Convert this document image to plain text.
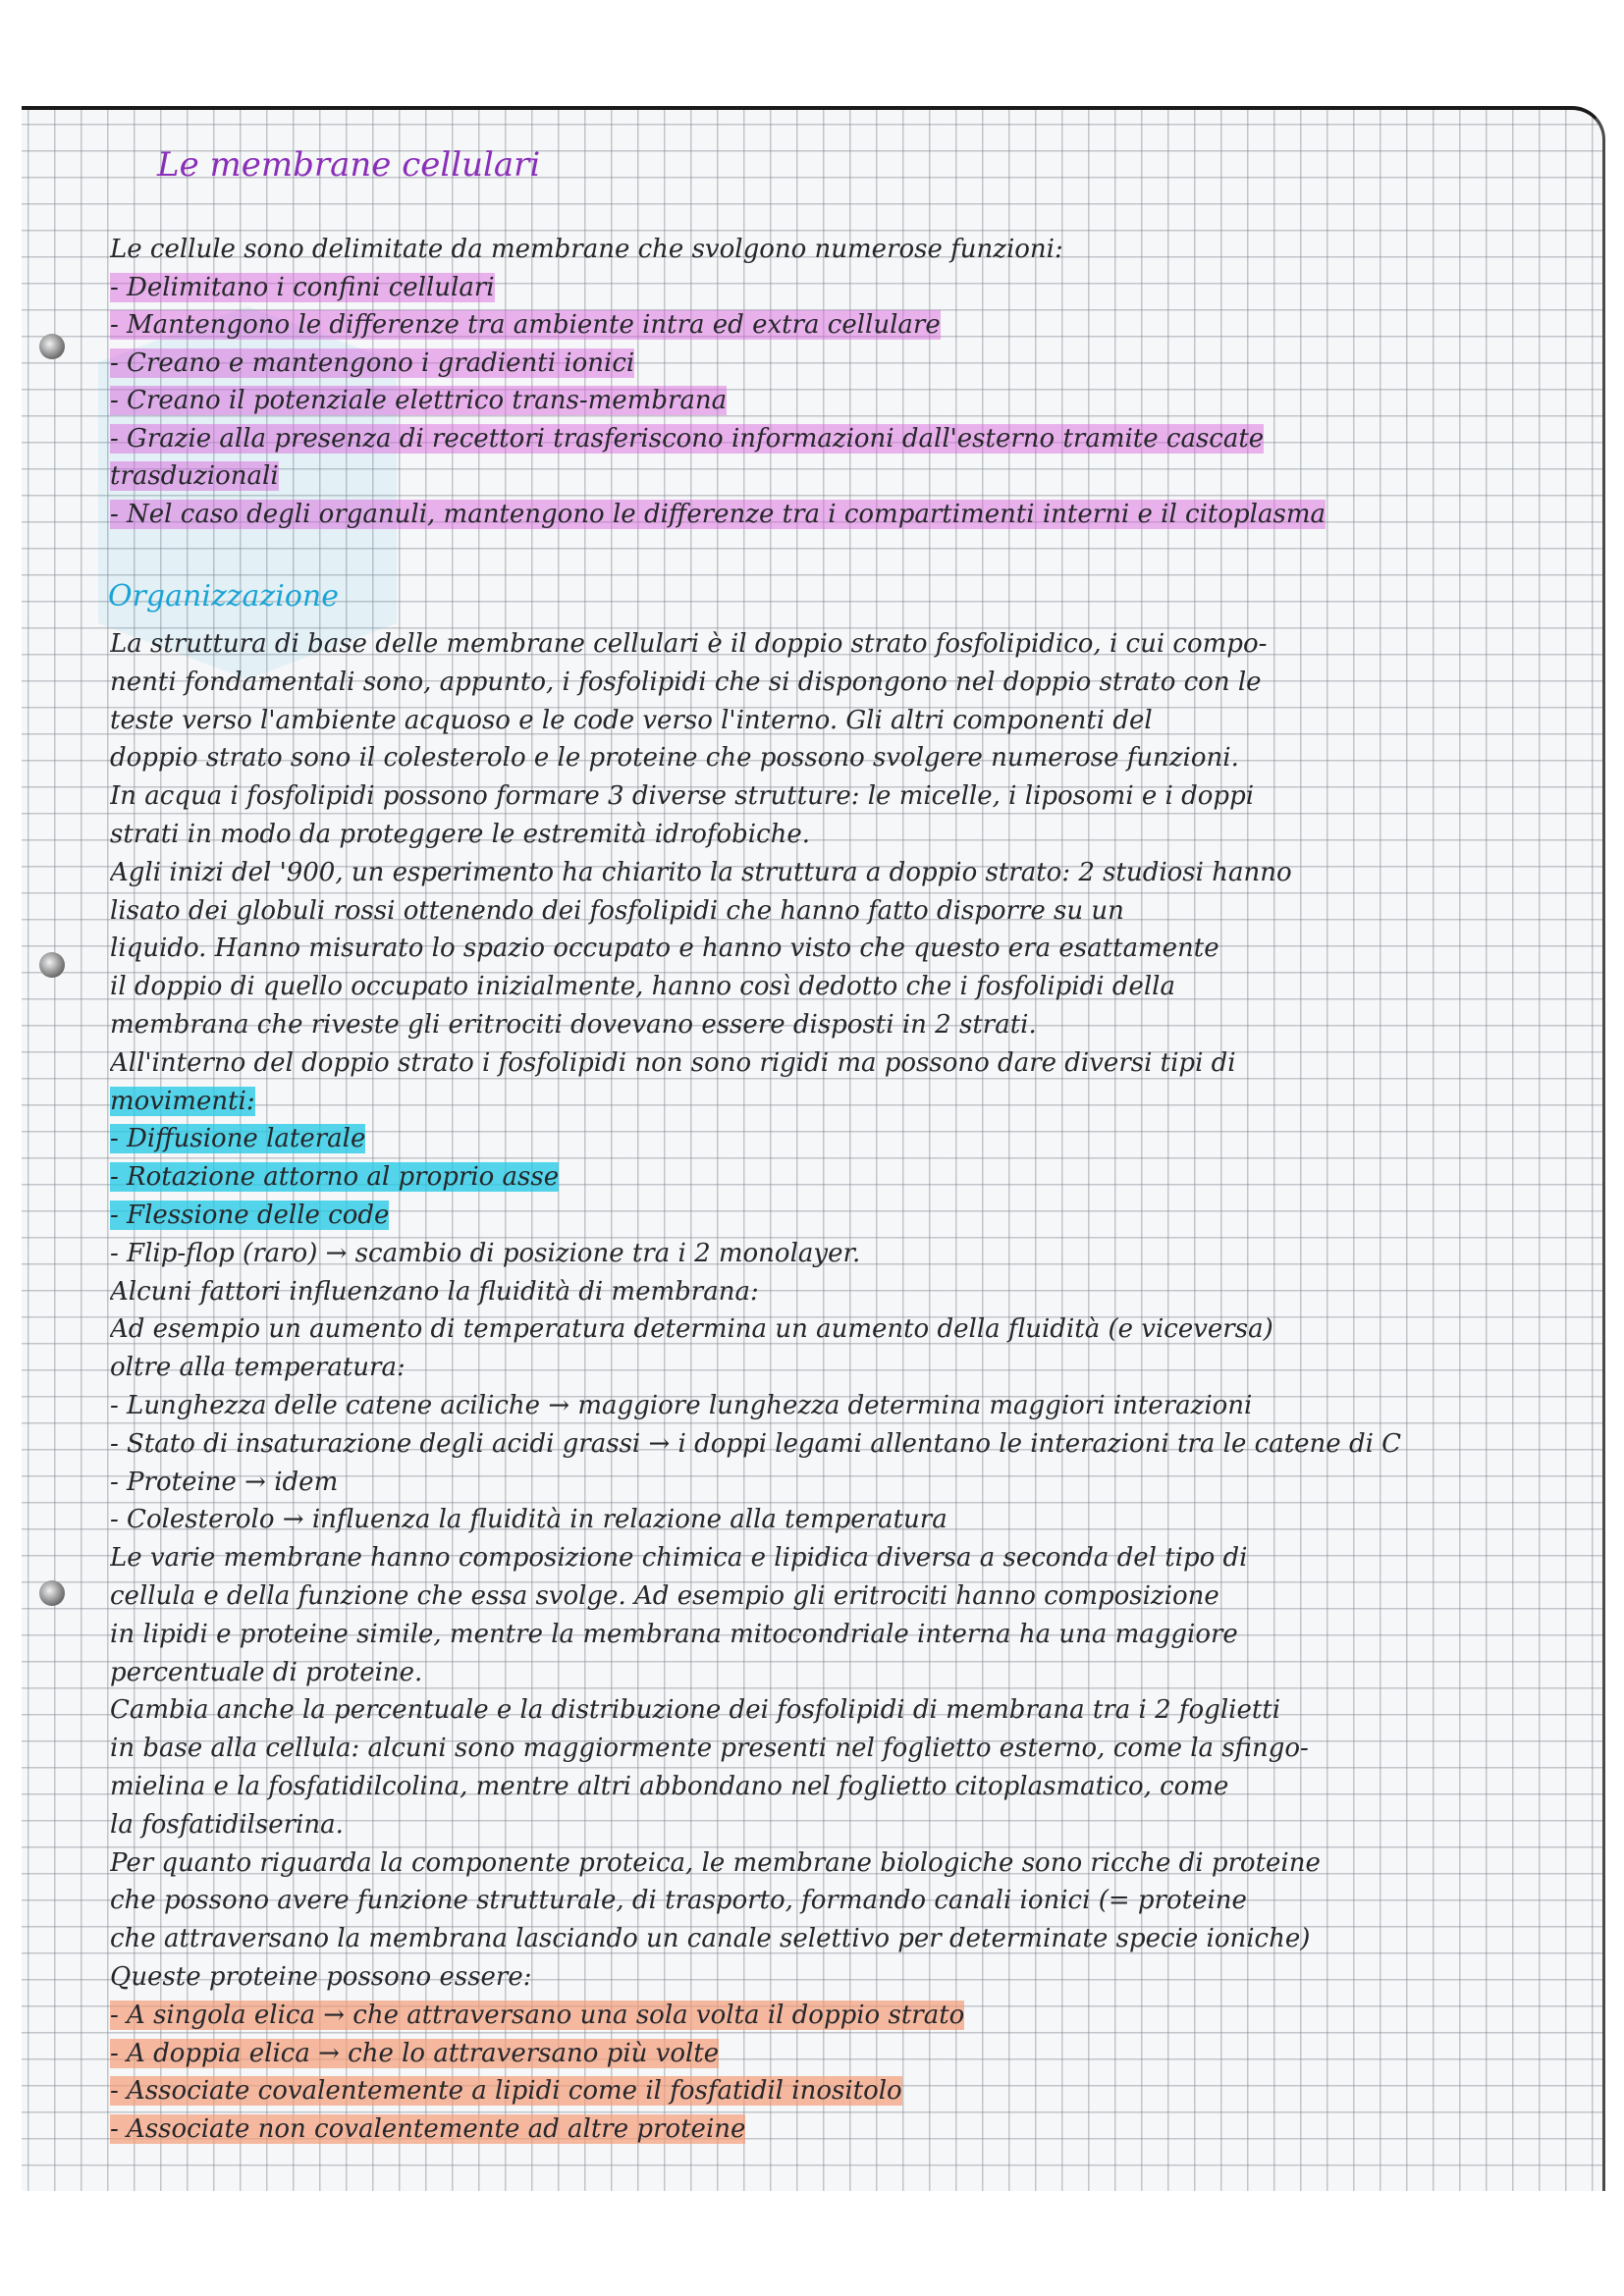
Le membrane cellulari
Le cellule sono delimitate da membrane che svolgono numerose funzioni:
- Delimitano i confini cellulari
- Mantengono le differenze tra ambiente intra ed extra cellulare
- Creano e mantengono i gradienti ionici
- Creano il potenziale elettrico trans-membrana
- Grazie alla presenza di recettori trasferiscono informazioni dall'esterno tramite cascate
trasduzionali
- Nel caso degli organuli, mantengono le differenze tra i compartimenti interni e il citoplasma
Organizzazione
La struttura di base delle membrane cellulari è il doppio strato fosfolipidico, i cui compo-
nenti fondamentali sono, appunto, i fosfolipidi che si dispongono nel doppio strato con le
teste verso l'ambiente acquoso e le code verso l'interno. Gli altri componenti del
doppio strato sono il colesterolo e le proteine che possono svolgere numerose funzioni.
In acqua i fosfolipidi possono formare 3 diverse strutture: le micelle, i liposomi e i doppi
strati in modo da proteggere le estremità idrofobiche.
Agli inizi del '900, un esperimento ha chiarito la struttura a doppio strato: 2 studiosi hanno
lisato dei globuli rossi ottenendo dei fosfolipidi che hanno fatto disporre su un
liquido. Hanno misurato lo spazio occupato e hanno visto che questo era esattamente
il doppio di quello occupato inizialmente, hanno così dedotto che i fosfolipidi della
membrana che riveste gli eritrociti dovevano essere disposti in 2 strati.
All'interno del doppio strato i fosfolipidi non sono rigidi ma possono dare diversi tipi di
movimenti:
- Diffusione laterale
- Rotazione attorno al proprio asse
- Flessione delle code
- Flip-flop (raro) → scambio di posizione tra i 2 monolayer.
Alcuni fattori influenzano la fluidità di membrana:
Ad esempio un aumento di temperatura determina un aumento della fluidità (e viceversa)
oltre alla temperatura:
- Lunghezza delle catene aciliche → maggiore lunghezza determina maggiori interazioni
- Stato di insaturazione degli acidi grassi → i doppi legami allentano le interazioni tra le catene di C
- Proteine → idem
- Colesterolo → influenza la fluidità in relazione alla temperatura
Le varie membrane hanno composizione chimica e lipidica diversa a seconda del tipo di
cellula e della funzione che essa svolge. Ad esempio gli eritrociti hanno composizione
in lipidi e proteine simile, mentre la membrana mitocondriale interna ha una maggiore
percentuale di proteine.
Cambia anche la percentuale e la distribuzione dei fosfolipidi di membrana tra i 2 foglietti
in base alla cellula: alcuni sono maggiormente presenti nel foglietto esterno, come la sfingo-
mielina e la fosfatidilcolina, mentre altri abbondano nel foglietto citoplasmatico, come
la fosfatidilserina.
Per quanto riguarda la componente proteica, le membrane biologiche sono ricche di proteine
che possono avere funzione strutturale, di trasporto, formando canali ionici (= proteine
che attraversano la membrana lasciando un canale selettivo per determinate specie ioniche)
Queste proteine possono essere:
- A singola elica → che attraversano una sola volta il doppio strato
- A doppia elica → che lo attraversano più volte
- Associate covalentemente a lipidi come il fosfatidil inositolo
- Associate non covalentemente ad altre proteine
